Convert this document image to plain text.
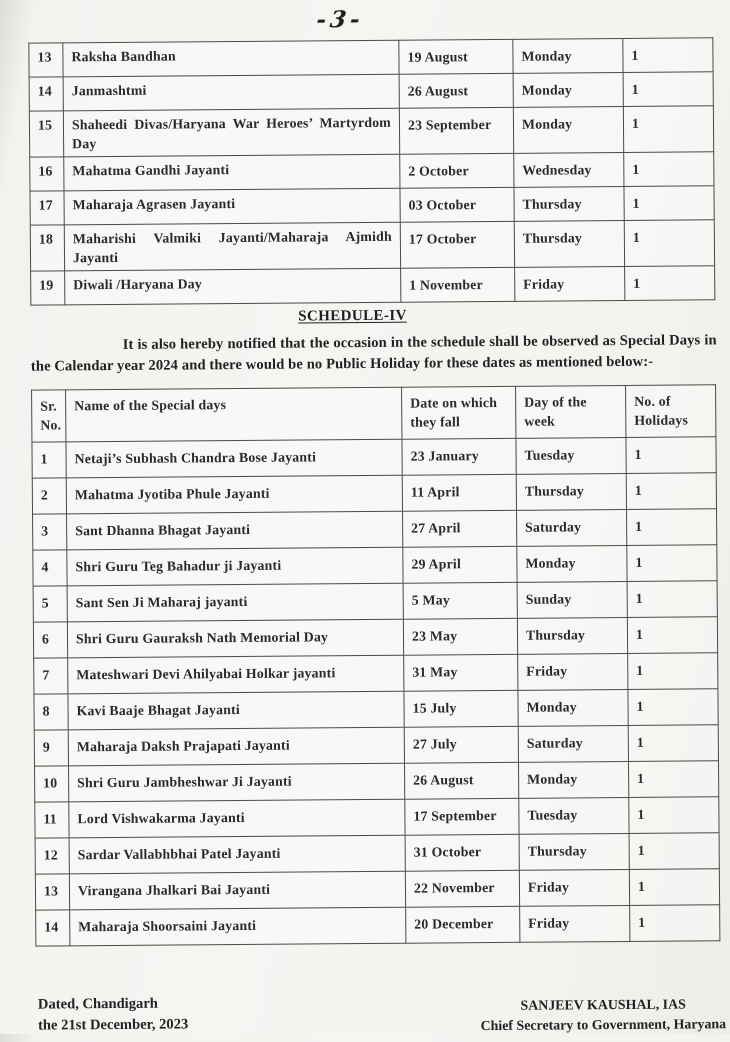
-3-
13	Raksha Bandhan	19 August	Monday	1
14	Janmashtmi	26 August	Monday	1
15	Shaheedi Divas/Haryana War Heroes’ Martyrdom Day	23 September	Monday	1
16	Mahatma Gandhi Jayanti	2 October	Wednesday	1
17	Maharaja Agrasen Jayanti	03 October	Thursday	1
18	Maharishi Valmiki Jayanti/Maharaja Ajmidh Jayanti	17 October	Thursday	1
19	Diwali /Haryana Day	1 November	Friday	1
SCHEDULE-IV

It is also hereby notified that the occasion in the schedule shall be observed as Special Days in the Calendar year 2024 and there would be no Public Holiday for these dates as mentioned below:-

Sr. No.	Name of the Special days	Date on which they fall	Day of the week	No. of Holidays
1	Netaji’s Subhash Chandra Bose Jayanti	23 January	Tuesday	1
2	Mahatma Jyotiba Phule Jayanti	11 April	Thursday	1
3	Sant Dhanna Bhagat Jayanti	27 April	Saturday	1
4	Shri Guru Teg Bahadur ji Jayanti	29 April	Monday	1
5	Sant Sen Ji Maharaj jayanti	5 May	Sunday	1
6	Shri Guru Gauraksh Nath Memorial Day	23 May	Thursday	1
7	Mateshwari Devi Ahilyabai Holkar jayanti	31 May	Friday	1
8	Kavi Baaje Bhagat Jayanti	15 July	Monday	1
9	Maharaja Daksh Prajapati Jayanti	27 July	Saturday	1
10	Shri Guru Jambheshwar Ji Jayanti	26 August	Monday	1
11	Lord Vishwakarma Jayanti	17 September	Tuesday	1
12	Sardar Vallabhbhai Patel Jayanti	31 October	Thursday	1
13	Virangana Jhalkari Bai Jayanti	22 November	Friday	1
14	Maharaja Shoorsaini Jayanti	20 December	Friday	1
Dated, Chandigarh
the 21st December, 2023
SANJEEV KAUSHAL, IAS
Chief Secretary to Government, Haryana
